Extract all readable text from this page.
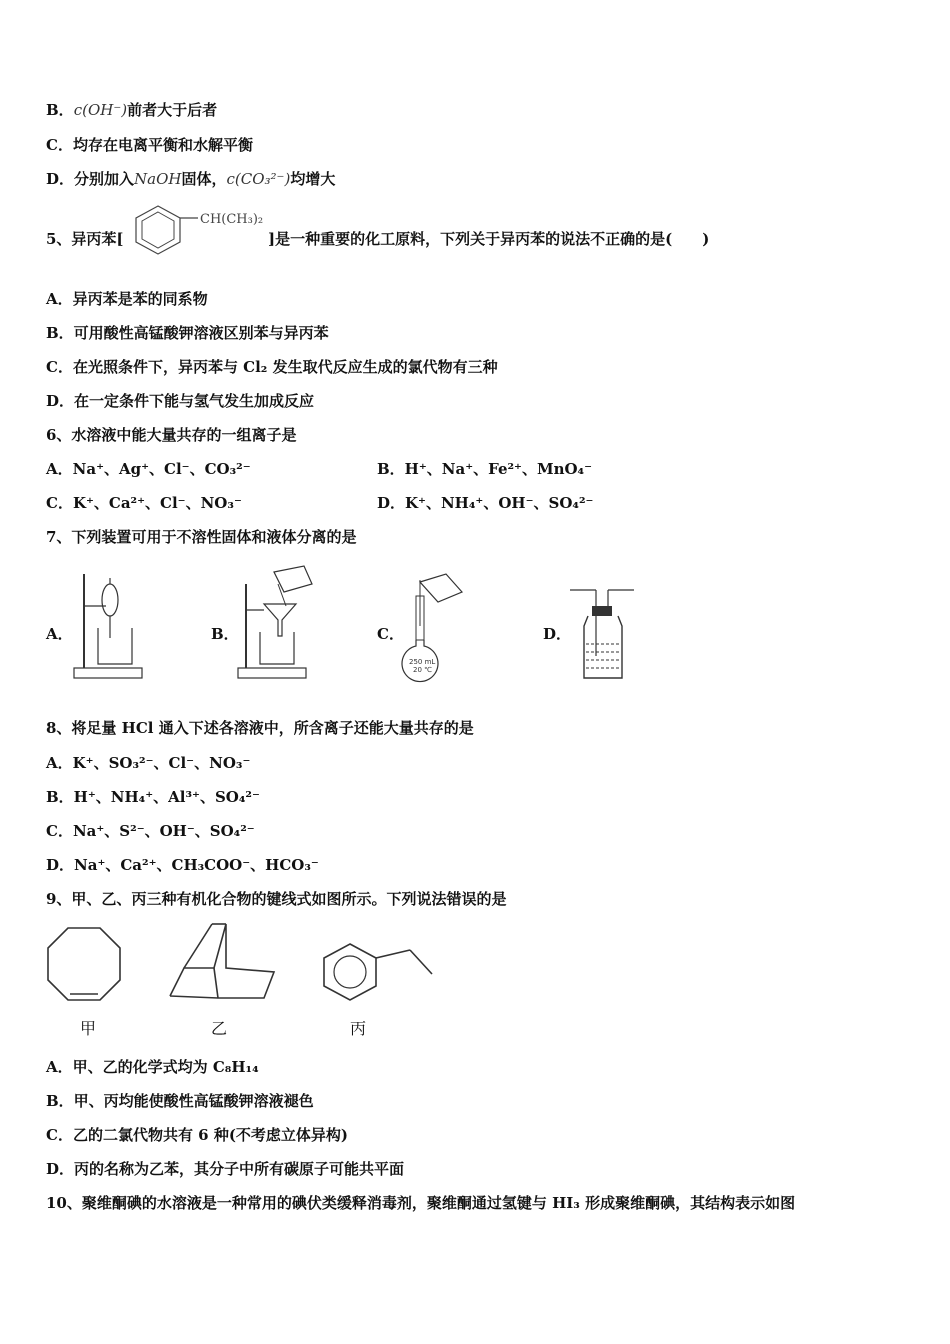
B．c(OH⁻)前者大于后者
C．均存在电离平衡和水解平衡
D．分别加入NaOH固体，c(CO₃²⁻)均增大
5、异丙苯[
CH(CH₃)₂
]是一种重要的化工原料，下列关于异丙苯的说法不正确的是(　　)
A．异丙苯是苯的同系物
B．可用酸性高锰酸钾溶液区别苯与异丙苯
C．在光照条件下，异丙苯与 Cl₂ 发生取代反应生成的氯代物有三种
D．在一定条件下能与氢气发生加成反应
6、水溶液中能大量共存的一组离子是
A．Na⁺、Ag⁺、Cl⁻、CO₃²⁻	B．H⁺、Na⁺、Fe²⁺、MnO₄⁻
C．K⁺、Ca²⁺、Cl⁻、NO₃⁻	D．K⁺、NH₄⁺、OH⁻、SO₄²⁻
7、下列装置可用于不溶性固体和液体分离的是
A．	B．	C．
250 mL
20 ℃
D．
8、将足量 HCl 通入下述各溶液中，所含离子还能大量共存的是
A．K⁺、SO₃²⁻、Cl⁻、NO₃⁻
B．H⁺、NH₄⁺、Al³⁺、SO₄²⁻
C．Na⁺、S²⁻、OH⁻、SO₄²⁻
D．Na⁺、Ca²⁺、CH₃COO⁻、HCO₃⁻
9、甲、乙、丙三种有机化合物的键线式如图所示。下列说法错误的是
甲	乙	丙
A．甲、乙的化学式均为 C₈H₁₄
B．甲、丙均能使酸性高锰酸钾溶液褪色
C．乙的二氯代物共有 6 种(不考虑立体异构)
D．丙的名称为乙苯，其分子中所有碳原子可能共平面
10、聚维酮碘的水溶液是一种常用的碘伏类缓释消毒剂，聚维酮通过氢键与 HI₃ 形成聚维酮碘，其结构表示如图
